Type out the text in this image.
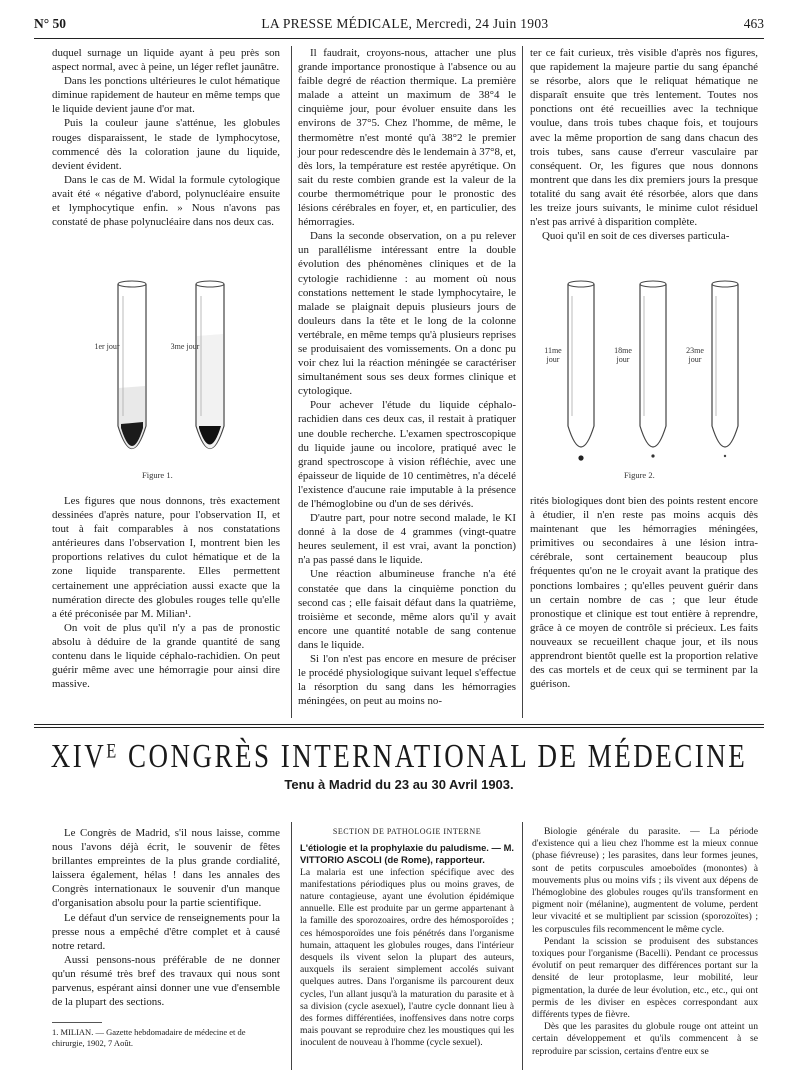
N° 50	LA PRESSE MÉDICALE, Mercredi, 24 Juin 1903	463

duquel surnage un liquide ayant à peu près son aspect normal, avec à peine, un léger reflet jaunâtre.

Dans les ponctions ultérieures le culot hématique diminue rapidement de hauteur en même temps que le liquide devient jaune d'or mat.

Puis la couleur jaune s'atténue, les globules rouges disparaissent, le stade de lymphocytose, commencé dès la coloration jaune du liquide, devient évident.

Dans le cas de M. Widal la formule cytologique avait été « négative d'abord, polynucléaire ensuite et lymphocytique enfin. » Nous n'avons pas constaté de phase polynucléaire dans nos deux cas.

1er jour	3me jour
Figure 1.

Les figures que nous donnons, très exactement dessinées d'après nature, pour l'observation II, et tout à fait comparables à nos constatations antérieures dans l'observation I, montrent bien les proportions relatives du culot hématique et de la zone liquide transparente. Elles permettent certainement une appréciation aussi exacte que la numération directe des globules rouges telle qu'elle a été préconisée par M. Milian¹.

On voit de plus qu'il n'y a pas de pronostic absolu à déduire de la grande quantité de sang contenu dans le liquide céphalo-rachidien. On peut guérir même avec une hémorragie pour ainsi dire massive.

Il faudrait, croyons-nous, attacher une plus grande importance pronostique à l'absence ou au faible degré de réaction thermique. La première malade a atteint un maximum de 38°4 le cinquième jour, pour évoluer ensuite dans les environs de 37°5. Chez l'homme, de même, le thermomètre n'est monté qu'à 38°2 le premier jour pour redescendre dès le lendemain à 37°8, et, dès lors, la température est restée apyrétique. On sait du reste combien grande est la valeur de la courbe thermométrique pour le pronostic des lésions cérébrales en foyer, et, en particulier, des hémorragies.

Dans la seconde observation, on a pu relever un parallélisme intéressant entre la double évolution des phénomènes cliniques et de la cytologie rachidienne : au moment où nous constations nettement le stade lymphocytaire, le malade se plaignait depuis plusieurs jours de douleurs dans la tête et le long de la colonne vertébrale, en même temps qu'à plusieurs reprises se produisaient des vomissements. On a donc pu voir chez lui la réaction méningée se caractériser simultanément sous ses deux formes clinique et cytologique.

Pour achever l'étude du liquide céphalo-rachidien dans ces deux cas, il restait à pratiquer une double recherche. L'examen spectroscopique du liquide jaune ou incolore, pratiqué avec le grand spectroscope à vision réfléchie, avec une épaisseur de liquide de 10 centimètres, n'a décelé l'existence d'aucune raie imputable à la présence de l'hémoglobine ou d'un de ses dérivés.

D'autre part, pour notre second malade, le KI donné à la dose de 4 grammes (vingt-quatre heures seulement, il est vrai, avant la ponction) n'a pas passé dans le liquide.

Une réaction albumineuse franche n'a été constatée que dans la cinquième ponction du second cas ; elle faisait défaut dans la quatrième, troisième et seconde, même alors qu'il y avait encore une quantité notable de sang contenue dans le liquide.

Si l'on n'est pas encore en mesure de préciser le procédé physiologique suivant lequel s'effectue la résorption du sang dans les hémorragies méningées, on peut au moins no-

ter ce fait curieux, très visible d'après nos figures, que rapidement la majeure partie du sang épanché se résorbe, alors que le reliquat hématique ne disparaît ensuite que très lentement. Toutes nos ponctions ont été recueillies avec la technique voulue, dans trois tubes chaque fois, et toujours avec la même proportion de sang dans chacun des trois tubes, sans cause d'erreur vasculaire par conséquent. Or, les figures que nous donnons montrent que dans les dix premiers jours la presque totalité du sang avait été résorbée, alors que dans les treize jours suivants, le minime culot résiduel n'est pas arrivé à disparition complète.

Quoi qu'il en soit de ces diverses particula-

11me jour
18me jour
23me jour
Figure 2.

rités biologiques dont bien des points restent encore à étudier, il n'en reste pas moins acquis dès maintenant que les hémorragies méningées, primitives ou secondaires à une lésion intra-cérébrale, sont certainement beaucoup plus fréquentes qu'on ne le croyait avant la pratique des ponctions lombaires ; qu'elles peuvent guérir dans un certain nombre de cas ; que leur étude pronostique et clinique est tout entière à reprendre, grâce à ce moyen de contrôle si précieux. Les faits nouveaux se recueillent chaque jour, et ils nous apprendront bientôt quelle est la proportion relative des cas mortels et de ceux qui se terminent par la guérison.

XIVᴱ CONGRÈS INTERNATIONAL DE MÉDECINE
Tenu à Madrid du 23 au 30 Avril 1903.

Le Congrès de Madrid, s'il nous laisse, comme nous l'avons déjà écrit, le souvenir de fêtes brillantes empreintes de la plus grande cordialité, laissera également, hélas ! dans les annales des Congrès internationaux le souvenir d'un manque d'organisation absolu pour la partie scientifique.

Le défaut d'un service de renseignements pour la presse nous a empêché d'être complet et à causé notre retard.

Aussi pensons-nous préférable de ne donner qu'un résumé très bref des travaux qui nous sont parvenus, espérant ainsi donner une vue d'ensemble de la plupart des sections.

1. MILIAN. — Gazette hebdomadaire de médecine et de chirurgie, 1902, 7 Août.

SECTION DE PATHOLOGIE INTERNE

L'étiologie et la prophylaxie du paludisme. — M. VITTORIO ASCOLI (de Rome), rapporteur.

La malaria est une infection spécifique avec des manifestations périodiques plus ou moins graves, de nature contagieuse, ayant une évolution épidémique annuelle. Elle est produite par un germe appartenant à la famille des sporozoaires, ordre des hémosporoïdes ; ces hémosporoïdes une fois pénétrés dans l'organisme humain, attaquent les globules rouges, dans l'intérieur desquels ils vivent selon la plupart des auteurs, auxquels ils seraient simplement accolés suivant quelques autres. Dans l'organisme ils parcourent deux cycles, l'un allant jusqu'à la maturation du parasite et à sa division (cycle asexuel), l'autre cycle donnant lieu à des formes différentiées, inoffensives dans notre corps mais pouvant se reproduire chez les moustiques qui les inoculent de nouveau à l'homme (cycle sexuel).

Biologie générale du parasite. — La période d'existence qui a lieu chez l'homme est la mieux connue (phase fiévreuse) ; les parasites, dans leur formes jeunes, sont de petits corpuscules amoeboïdes (monontes) à mouvements plus ou moins vifs ; ils vivent aux dépens de l'hémoglobine des globules rouges qu'ils transforment en pigment noir (mélanine), augmentent de volume, perdent leur vivacité et se multiplient par scission (sporozoïtes) ; les corpuscules fils recommencent le même cycle.

Pendant la scission se produisent des substances toxiques pour l'organisme (Bacelli). Pendant ce processus évolutif on peut remarquer des différences portant sur la densité de leur protoplasme, leur mobilité, leur pigmentation, la durée de leur évolution, etc., etc., qui ont permis de les diviser en espèces correspondant aux différents types de fièvre.

Dès que les parasites du globule rouge ont atteint un certain développement et qu'ils commencent à se reproduire par scission, certains d'entre eux se
